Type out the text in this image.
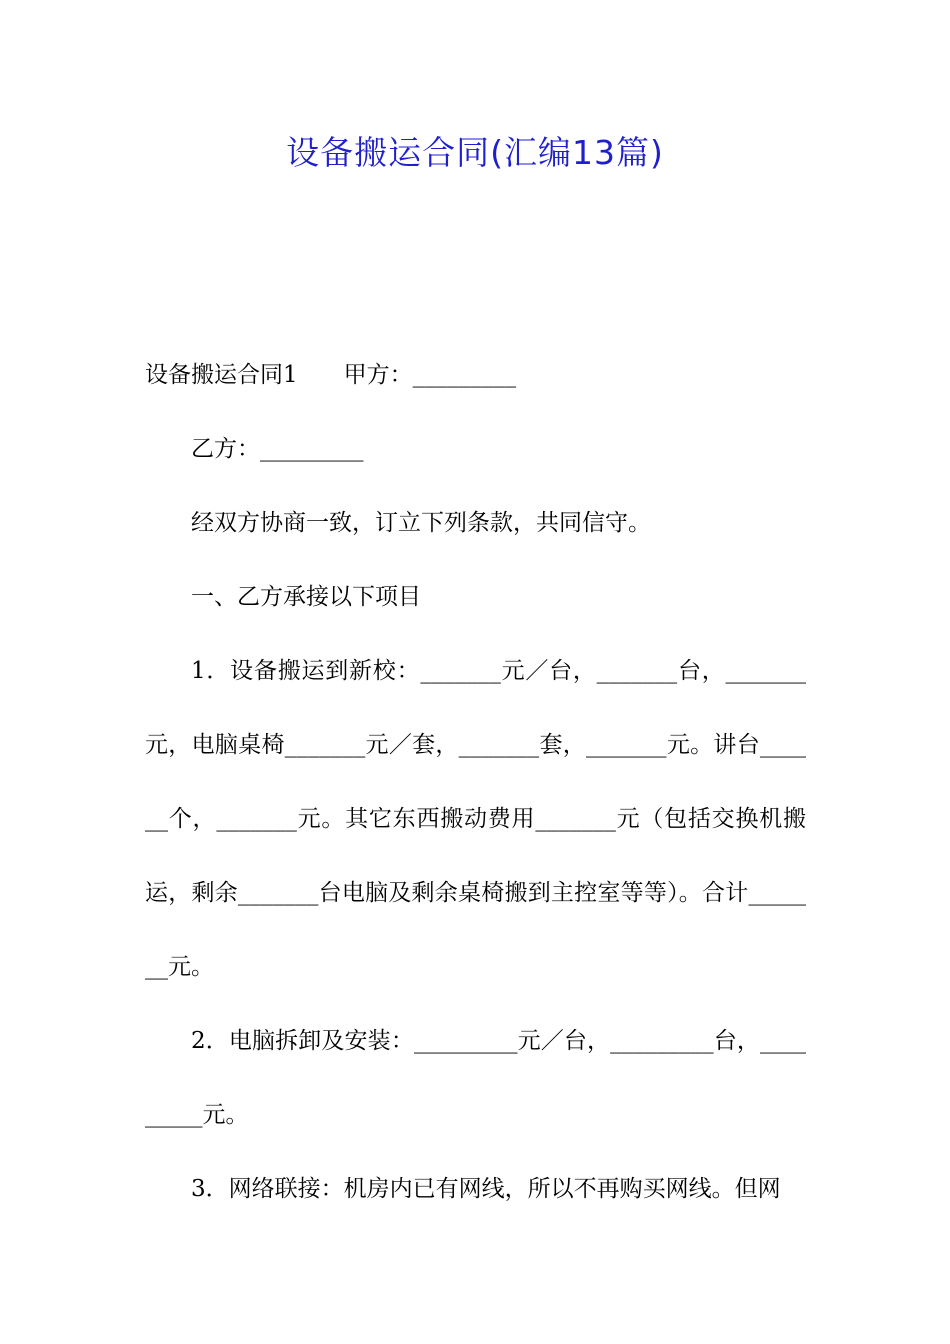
设备搬运合同(汇编13篇)

设备搬运合同1　　甲方：_________

乙方：_________

经双方协商一致，订立下列条款，共同信守。

一、乙方承接以下项目

1．设备搬运到新校：_______元／台，_______台，_______元，电脑桌椅_______元／套，_______套，_______元。讲台______个，_______元。其它东西搬动费用_______元（包括交换机搬运，剩余_______台电脑及剩余桌椅搬到主控室等等）。合计_______元。

2．电脑拆卸及安装：_________元／台，_________台，_________元。

3．网络联接：机房内已有网线，所以不再购买网线。但网
